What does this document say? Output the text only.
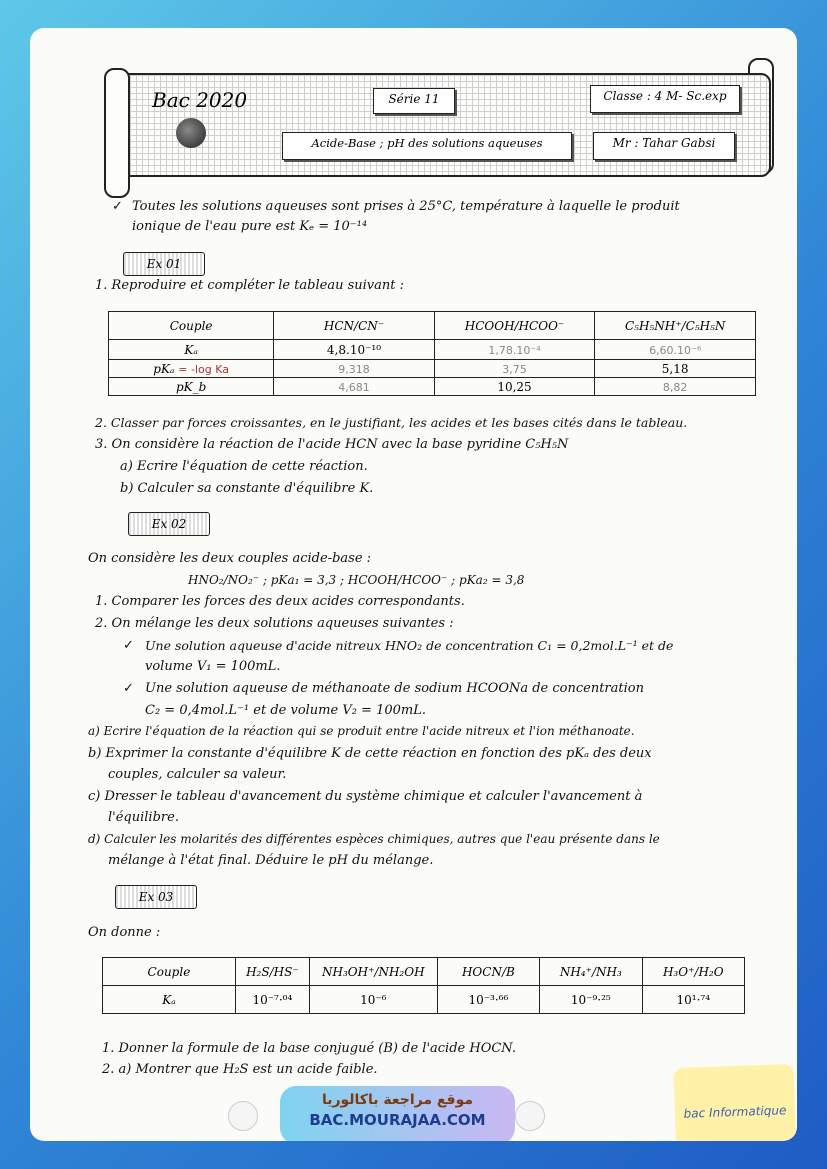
Bac 2020	Série 11	Classe : 4 M- Sc.exp
Acide-Base ; pH des solutions aqueuses	Mr : Tahar Gabsi
✓ Toutes les solutions aqueuses sont prises à 25°C, température à laquelle le produit
ionique de l'eau pure est Kₑ = 10⁻¹⁴
Ex 01
1. Reproduire et compléter le tableau suivant :
Couple	HCN/CN⁻	HCOOH/HCOO⁻	C₅H₅NH⁺/C₅H₅N
Kₐ	4,8.10⁻¹⁰	1,78.10⁻⁴	6,60.10⁻⁶
pKₐ = -log Ka	9,318	3,75	5,18
pK_b	4,681	10,25	8,82
2. Classer par forces croissantes, en le justifiant, les acides et les bases cités dans le tableau.
3. On considère la réaction de l'acide HCN avec la base pyridine C₅H₅N
a) Ecrire l'équation de cette réaction.
b) Calculer sa constante d'équilibre K.
Ex 02
On considère les deux couples acide-base :
HNO₂/NO₂⁻ ; pKa₁ = 3,3 ; HCOOH/HCOO⁻ ; pKa₂ = 3,8
1. Comparer les forces des deux acides correspondants.
2. On mélange les deux solutions aqueuses suivantes :
✓ Une solution aqueuse d'acide nitreux HNO₂ de concentration C₁ = 0,2mol.L⁻¹ et de
volume V₁ = 100mL.
✓ Une solution aqueuse de méthanoate de sodium HCOONa de concentration
C₂ = 0,4mol.L⁻¹ et de volume V₂ = 100mL.
a) Ecrire l'équation de la réaction qui se produit entre l'acide nitreux et l'ion méthanoate.
b) Exprimer la constante d'équilibre K de cette réaction en fonction des pKₐ des deux
couples, calculer sa valeur.
c) Dresser le tableau d'avancement du système chimique et calculer l'avancement à
l'équilibre.
d) Calculer les molarités des différentes espèces chimiques, autres que l'eau présente dans le
mélange à l'état final. Déduire le pH du mélange.
Ex 03
On donne :
Couple	H₂S/HS⁻	NH₃OH⁺/NH₂OH	HOCN/B	NH₄⁺/NH₃	H₃O⁺/H₂O
Kₐ	10⁻⁷·⁰⁴	10⁻⁶	10⁻³·⁶⁶	10⁻⁹·²⁵	10¹·⁷⁴
1. Donner la formule de la base conjugué (B) de l'acide HOCN.
2. a) Montrer que H₂S est un acide faible.
موقع مراجعة باكالوريا
BAC.MOURAJAA.COM	bac Informatique
